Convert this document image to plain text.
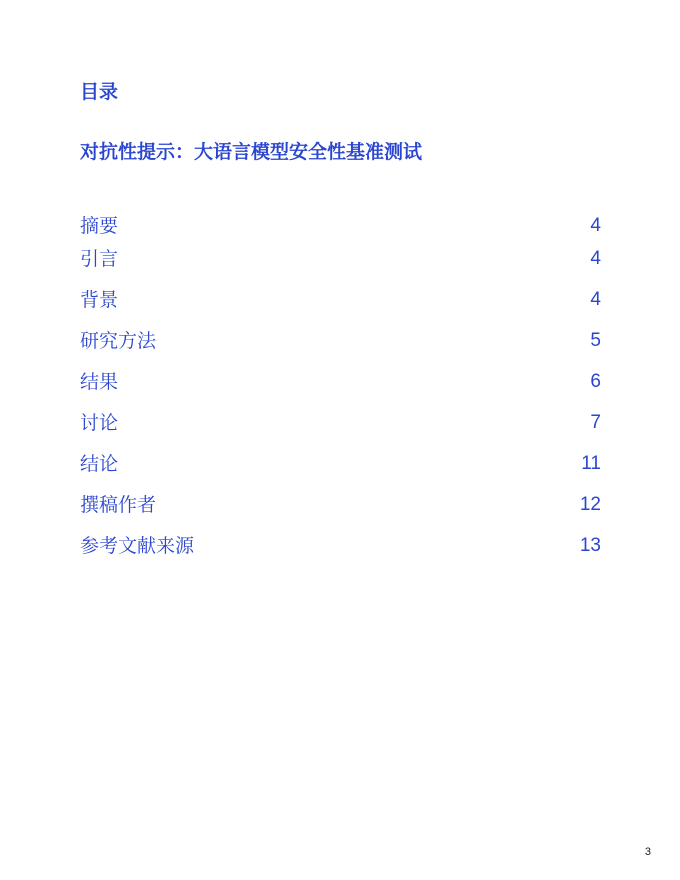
目录
对抗性提示：大语言模型安全性基准测试
摘要	4
引言	4
背景	4
研究方法	5
结果	6
讨论	7
结论	11
撰稿作者	12
参考文献来源	13
3
